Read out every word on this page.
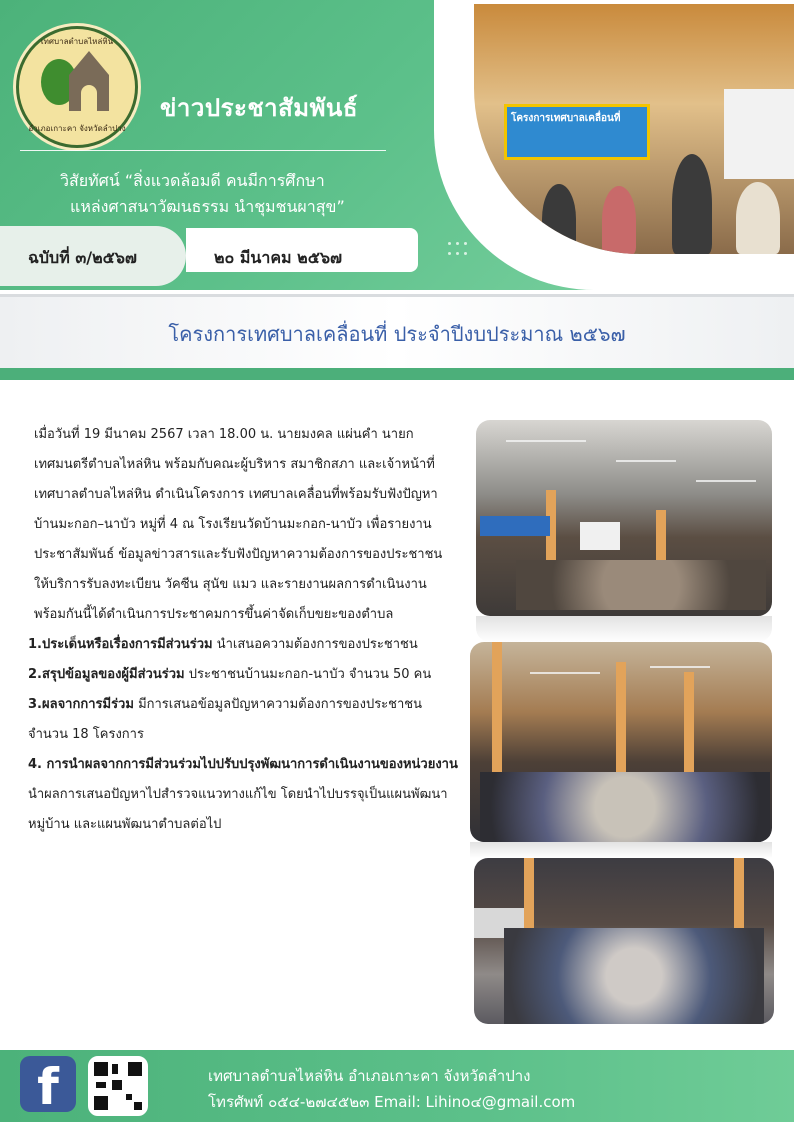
โครงการเทศบาลเคลื่อนที่
เทศบาลตำบลไหล่หิน
อำเภอเกาะคา จังหวัดลำปาง
ข่าวประชาสัมพันธ์
วิสัยทัศน์ “สิ่งแวดล้อมดี คนมีการศึกษา
แหล่งศาสนาวัฒนธรรม นำชุมชนผาสุข”
ฉบับที่ ๓/๒๕๖๗	๒๐ มีนาคม ๒๕๖๗
โครงการเทศบาลเคลื่อนที่ ประจำปีงบประมาณ ๒๕๖๗

เมื่อวันที่ 19 มีนาคม 2567 เวลา 18.00 น. นายมงคล แผ่นคำ นายกเทศมนตรีตำบลไหล่หิน พร้อมกับคณะผู้บริหาร สมาชิกสภา และเจ้าหน้าที่เทศบาลตำบลไหล่หิน ดำเนินโครงการ เทศบาลเคลื่อนที่พร้อมรับฟังปัญหาบ้านมะกอก–นาบัว หมู่ที่ 4 ณ โรงเรียนวัดบ้านมะกอก-นาบัว เพื่อรายงาน ประชาสัมพันธ์ ข้อมูลข่าวสารและรับฟังปัญหาความต้องการของประชาชน ให้บริการรับลงทะเบียน วัคซีน สุนัข แมว และรายงานผลการดำเนินงานพร้อมกันนี้ได้ดำเนินการประชาคมการขึ้นค่าจัดเก็บขยะของตำบล

1.ประเด็นหรือเรื่องการมีส่วนร่วม นำเสนอความต้องการของประชาชน

2.สรุปข้อมูลของผู้มีส่วนร่วม ประชาชนบ้านมะกอก-นาบัว จำนวน 50 คน

3.ผลจากการมีร่วม มีการเสนอข้อมูลปัญหาความต้องการของประชาชน จำนวน 18 โครงการ

4. การนำผลจากการมีส่วนร่วมไปปรับปรุงพัฒนาการดำเนินงานของหน่วยงาน นำผลการเสนอปัญหาไปสำรวจแนวทางแก้ไข โดยนำไปบรรจุเป็นแผนพัฒนาหมู่บ้าน และแผนพัฒนาตำบลต่อไป

f	เทศบาลตำบลไหล่หิน อำเภอเกาะคา จังหวัดลำปาง
โทรศัพท์ ๐๕๔-๒๗๔๕๒๓ Email: Lihino๔@gmail.com
